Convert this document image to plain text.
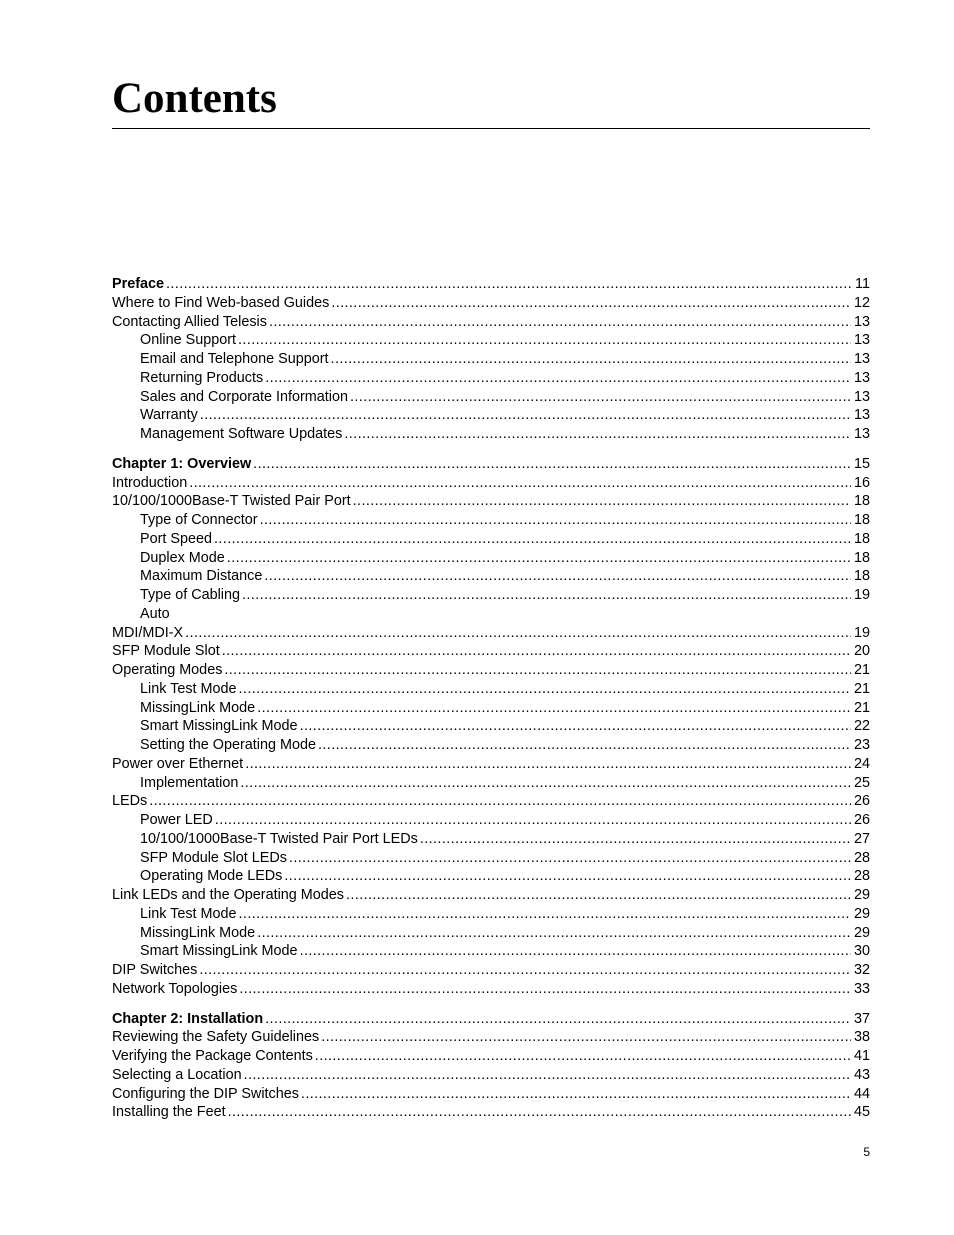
Contents
Preface .....	11
Where to Find Web-based Guides .....	12
Contacting Allied Telesis .....	13
Online Support .....	13
Email and Telephone Support .....	13
Returning Products .....	13
Sales and Corporate Information .....	13
Warranty .....	13
Management Software Updates .....	13
Chapter 1: Overview .....	15
Introduction .....	16
10/100/1000Base-T Twisted Pair Port .....	18
Type of Connector .....	18
Port Speed .....	18
Duplex Mode .....	18
Maximum Distance .....	18
Type of Cabling .....	19
Auto
MDI/MDI-X .....	19
SFP Module Slot .....	20
Operating Modes .....	21
Link Test Mode .....	21
MissingLink Mode .....	21
Smart MissingLink Mode .....	22
Setting the Operating Mode .....	23
Power over Ethernet .....	24
Implementation .....	25
LEDs .....	26
Power LED .....	26
10/100/1000Base-T Twisted Pair Port LEDs .....	27
SFP Module Slot LEDs .....	28
Operating Mode LEDs .....	28
Link LEDs and the Operating Modes .....	29
Link Test Mode .....	29
MissingLink Mode .....	29
Smart MissingLink Mode .....	30
DIP Switches .....	32
Network Topologies .....	33
Chapter 2: Installation .....	37
Reviewing the Safety Guidelines .....	38
Verifying the Package Contents .....	41
Selecting a Location .....	43
Configuring the DIP Switches .....	44
Installing the Feet .....	45
5
